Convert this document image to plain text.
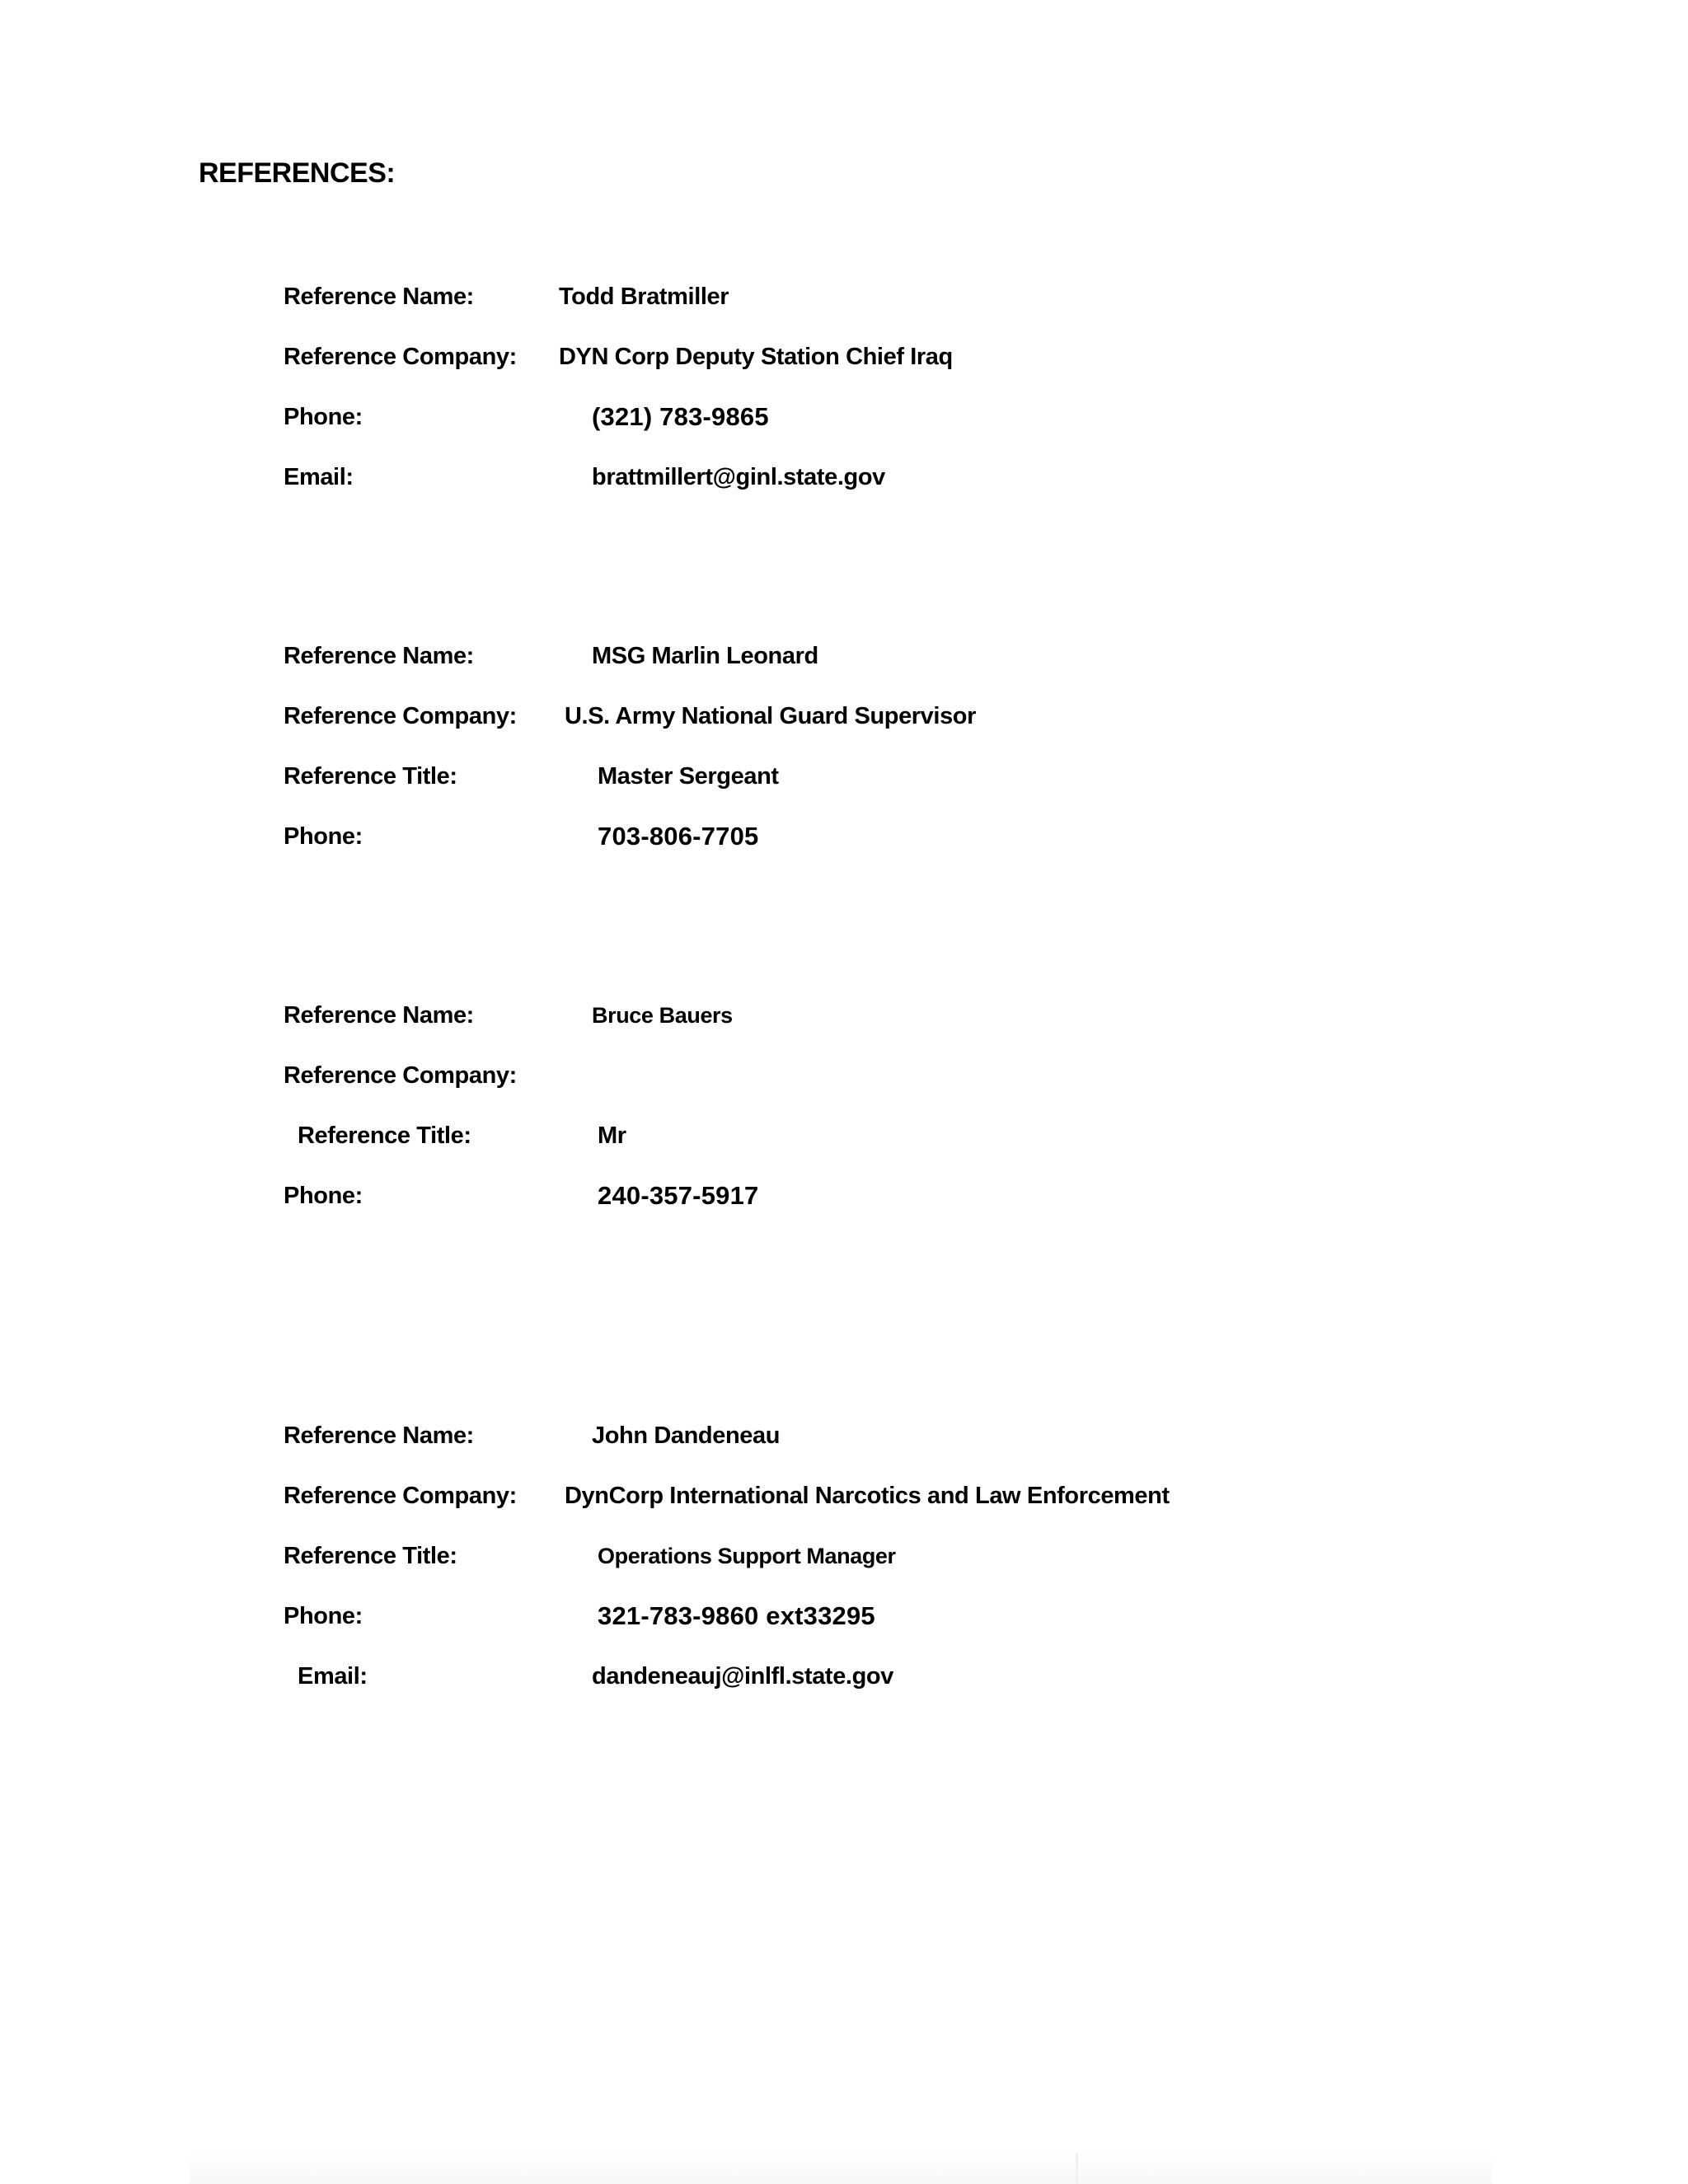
REFERENCES:
Reference Name:	Todd Bratmiller
Reference Company: DYN Corp Deputy Station Chief Iraq
Phone:	(321) 783-9865
Email:	brattmillert@ginl.state.gov
Reference Name:	MSG Marlin Leonard
Reference Company: U.S. Army National Guard Supervisor
Reference Title:	Master Sergeant
Phone:	703-806-7705
Reference Name:	Bruce Bauers
Reference Company:
Reference Title:	Mr
Phone:	240-357-5917
Reference Name:	John Dandeneau
Reference Company: DynCorp International Narcotics and Law Enforcement
Reference Title:	Operations Support Manager
Phone:	321-783-9860 ext33295
Email:	dandeneauj@inlfl.state.gov
